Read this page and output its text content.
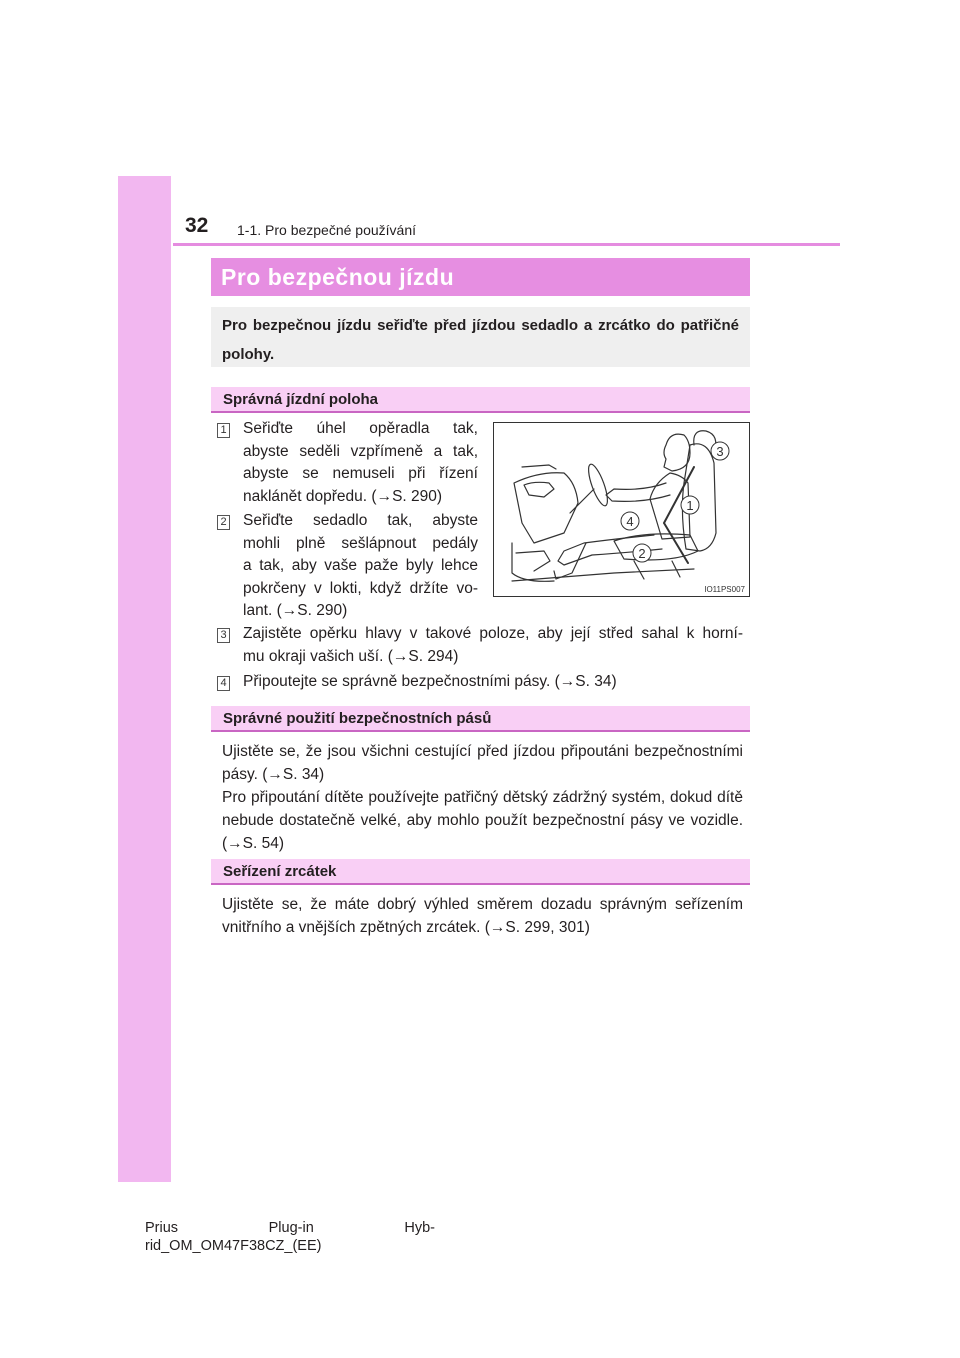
32 1-1. Pro bezpečné používání
Pro bezpečnou jízdu
Pro bezpečnou jízdu seřiďte před jízdou sedadlo a zrcátko do patřičné polohy.
Správná jízdní poloha
1 Seřiďte úhel opěradla tak,
abyste seděli vzpřímeně a tak,
abyste se nemuseli při řízení
naklánět dopředu. (→S. 290)
2 Seřiďte sedadlo tak, abyste
mohli plně sešlápnout pedály
a tak, aby vaše paže byly lehce
pokrčeny v lokti, když držíte vo-
lant. (→S. 290)
1
2
3
4
IO11PS007
3 Zajistěte opěrku hlavy v takové poloze, aby její střed sahal k horní-
mu okraji vašich uší. (→S. 294)
4 Připoutejte se správně bezpečnostními pásy. (→S. 34)
Správné použití bezpečnostních pásů
Ujistěte se, že jsou všichni cestující před jízdou připoutáni bezpečnostními pásy. (→S. 34)
Pro připoutání dítěte používejte patřičný dětský zádržný systém, dokud dítě nebude dostatečně velké, aby mohlo použít bezpečnostní pásy ve vozidle. (→S. 54)
Seřízení zrcátek
Ujistěte se, že máte dobrý výhled směrem dozadu správným seřízením vnitřního a vnějších zpětných zrcátek. (→S. 299, 301)
Prius	Plug-in	Hyb-
rid_OM_OM47F38CZ_(EE)
